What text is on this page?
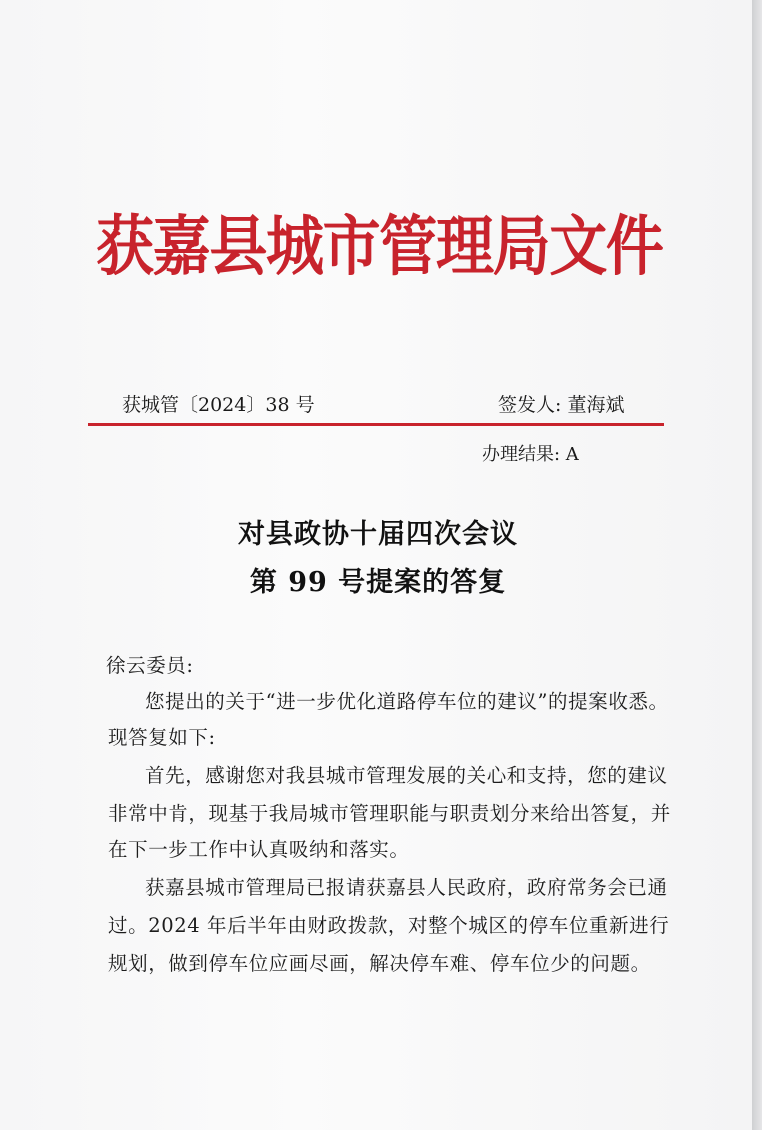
获
嘉
县
城
市
管
理
局
文
件
获城管〔2024〕38 号	签发人: 董海斌
办理结果: A
对县政协十届四次会议
第 99 号提案的答复
徐云委员:
您提出的关于“进一步优化道路停车位的建议”的提案收悉。
现答复如下:
首先，感谢您对我县城市管理发展的关心和支持，您的建议
非常中肯，现基于我局城市管理职能与职责划分来给出答复，并
在下一步工作中认真吸纳和落实。
获嘉县城市管理局已报请获嘉县人民政府，政府常务会已通
过。2024 年后半年由财政拨款，对整个城区的停车位重新进行
规划，做到停车位应画尽画，解决停车难、停车位少的问题。
